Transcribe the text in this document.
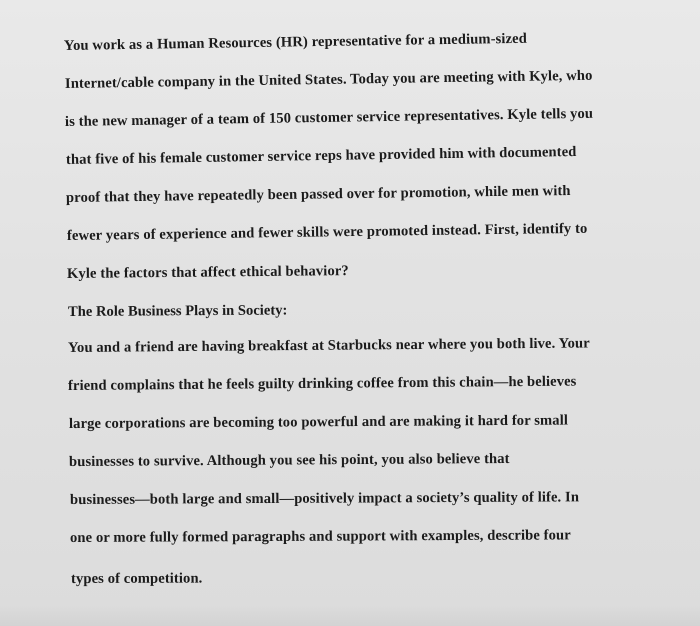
You work as a Human Resources (HR) representative for a medium-sized

Internet/cable company in the United States. Today you are meeting with Kyle, who

is the new manager of a team of 150 customer service representatives. Kyle tells you

that five of his female customer service reps have provided him with documented

proof that they have repeatedly been passed over for promotion, while men with

fewer years of experience and fewer skills were promoted instead. First, identify to

Kyle the factors that affect ethical behavior?

The Role Business Plays in Society:

You and a friend are having breakfast at Starbucks near where you both live. Your

friend complains that he feels guilty drinking coffee from this chain—he believes

large corporations are becoming too powerful and are making it hard for small

businesses to survive. Although you see his point, you also believe that

businesses—both large and small—positively impact a society’s quality of life. In

one or more fully formed paragraphs and support with examples, describe four

types of competition.
